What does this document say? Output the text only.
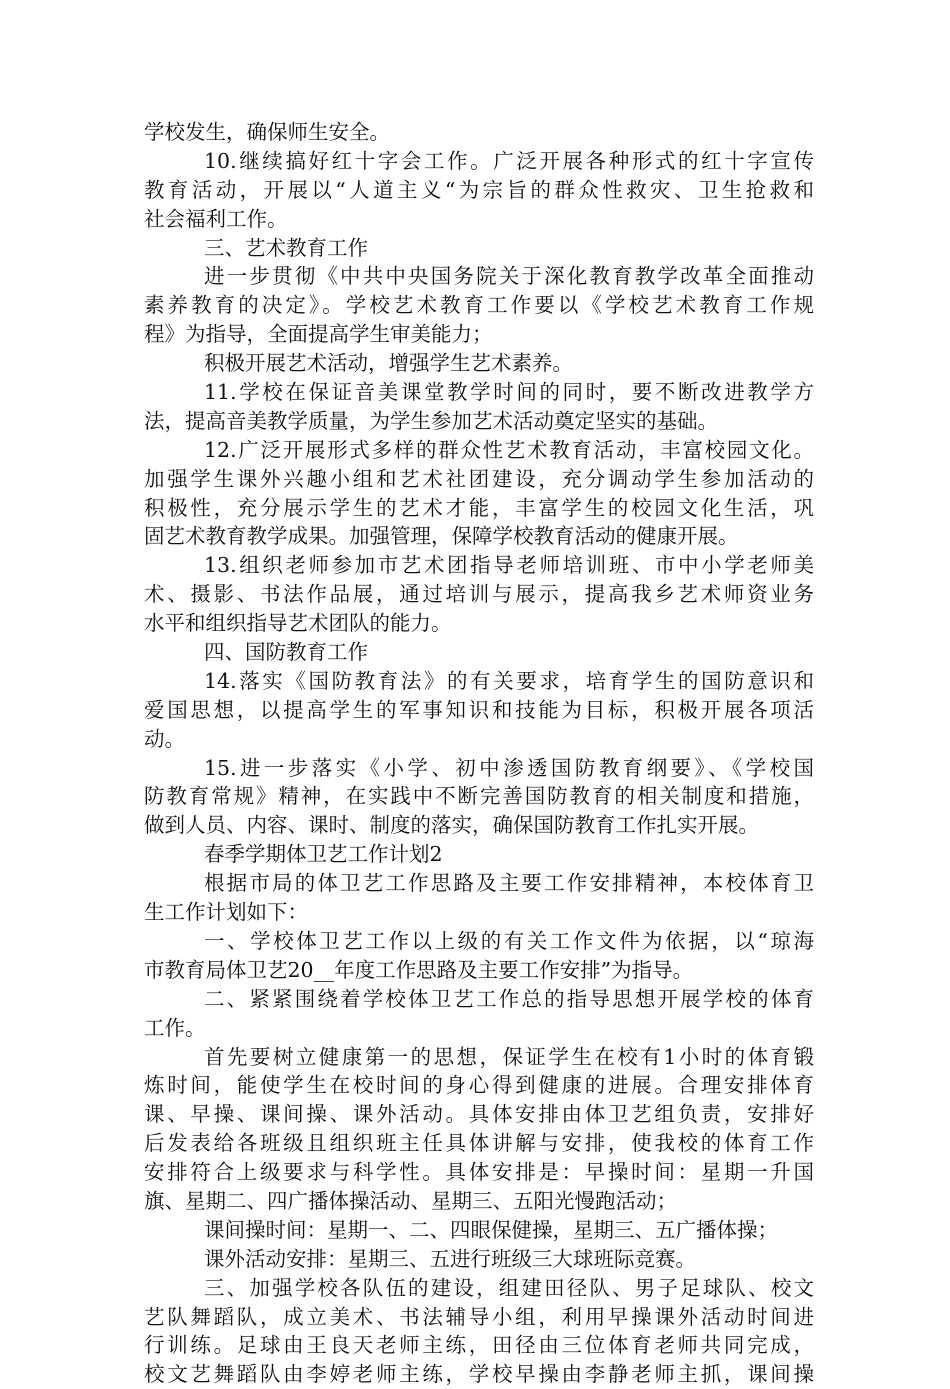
学校发生，确保师生安全。
10.继续搞好红十字会工作。广泛开展各种形式的红十字宣传
教育活动，开展以“人道主义“为宗旨的群众性救灾、卫生抢救和
社会福利工作。
三、艺术教育工作
进一步贯彻《中共中央国务院关于深化教育教学改革全面推动
素养教育的决定》。学校艺术教育工作要以《学校艺术教育工作规
程》为指导，全面提高学生审美能力；
积极开展艺术活动，增强学生艺术素养。
11.学校在保证音美课堂教学时间的同时，要不断改进教学方
法，提高音美教学质量，为学生参加艺术活动奠定坚实的基础。
12.广泛开展形式多样的群众性艺术教育活动，丰富校园文化。
加强学生课外兴趣小组和艺术社团建设，充分调动学生参加活动的
积极性，充分展示学生的艺术才能，丰富学生的校园文化生活，巩
固艺术教育教学成果。加强管理，保障学校教育活动的健康开展。
13.组织老师参加市艺术团指导老师培训班、市中小学老师美
术、摄影、书法作品展，通过培训与展示，提高我乡艺术师资业务
水平和组织指导艺术团队的能力。
四、国防教育工作
14.落实《国防教育法》的有关要求，培育学生的国防意识和
爱国思想，以提高学生的军事知识和技能为目标，积极开展各项活
动。
15.进一步落实《小学、初中渗透国防教育纲要》、《学校国
防教育常规》精神，在实践中不断完善国防教育的相关制度和措施，
做到人员、内容、课时、制度的落实，确保国防教育工作扎实开展。
春季学期体卫艺工作计划2
根据市局的体卫艺工作思路及主要工作安排精神，本校体育卫
生工作计划如下：
一、学校体卫艺工作以上级的有关工作文件为依据，以“琼海
市教育局体卫艺20__年度工作思路及主要工作安排”为指导。
二、紧紧围绕着学校体卫艺工作总的指导思想开展学校的体育
工作。
首先要树立健康第一的思想，保证学生在校有1小时的体育锻
炼时间，能使学生在校时间的身心得到健康的进展。合理安排体育
课、早操、课间操、课外活动。具体安排由体卫艺组负责，安排好
后发表给各班级且组织班主任具体讲解与安排，使我校的体育工作
安排符合上级要求与科学性。具体安排是：早操时间：星期一升国
旗、星期二、四广播体操活动、星期三、五阳光慢跑活动；
课间操时间：星期一、二、四眼保健操，星期三、五广播体操；
课外活动安排：星期三、五进行班级三大球班际竞赛。
三、加强学校各队伍的建设，组建田径队、男子足球队、校文
艺队舞蹈队，成立美术、书法辅导小组，利用早操课外活动时间进
行训练。足球由王良天老师主练，田径由三位体育老师共同完成，
校文艺舞蹈队由李婷老师主练，学校早操由李静老师主抓，课间操
